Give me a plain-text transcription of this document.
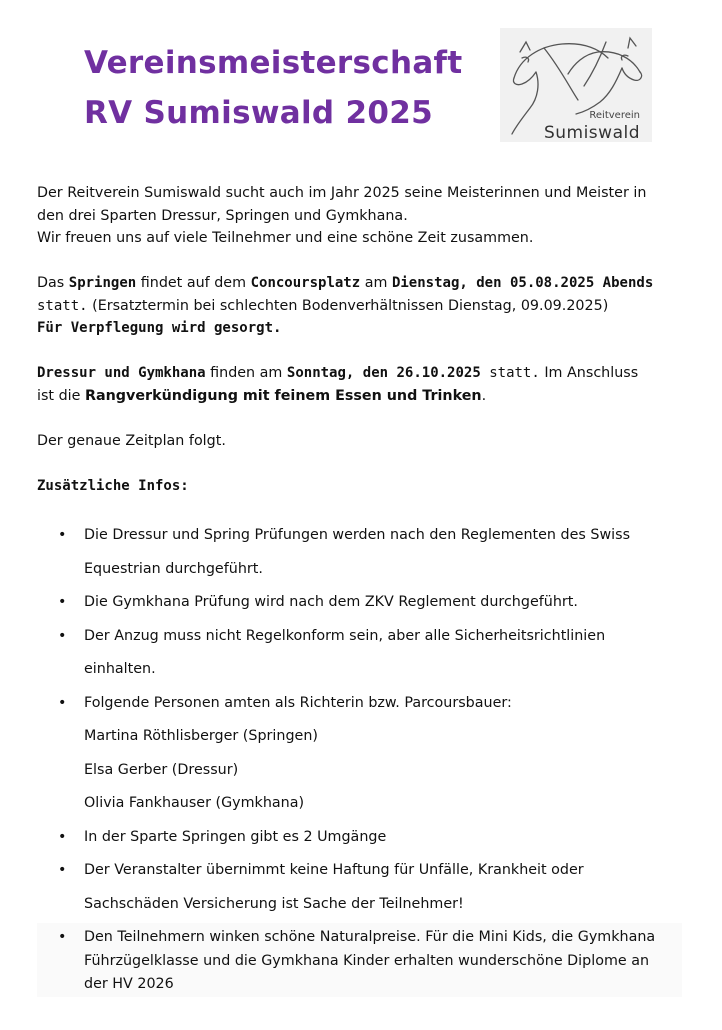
Vereinsmeisterschaft
RV Sumiswald 2025	Reitverein
Sumiswald

Der Reitverein Sumiswald sucht auch im Jahr 2025 seine Meisterinnen und Meister in
den drei Sparten Dressur, Springen und Gymkhana.
Wir freuen uns auf viele Teilnehmer und eine schöne Zeit zusammen.

Das Springen findet auf dem Concoursplatz am Dienstag, den 05.08.2025 Abends
statt. (Ersatztermin bei schlechten Bodenverhältnissen Dienstag, 09.09.2025)
Für Verpflegung wird gesorgt.

Dressur und Gymkhana finden am Sonntag, den 26.10.2025 statt. Im Anschluss
ist die Rangverkündigung mit feinem Essen und Trinken.

Der genaue Zeitplan folgt.

Zusätzliche Infos:

• Die Dressur und Spring Prüfungen werden nach den Reglementen des Swiss
Equestrian durchgeführt.
• Die Gymkhana Prüfung wird nach dem ZKV Reglement durchgeführt.
• Der Anzug muss nicht Regelkonform sein, aber alle Sicherheitsrichtlinien
einhalten.
• Folgende Personen amten als Richterin bzw. Parcoursbauer:
Martina Röthlisberger (Springen)
Elsa Gerber (Dressur)
Olivia Fankhauser (Gymkhana)
• In der Sparte Springen gibt es 2 Umgänge
• Der Veranstalter übernimmt keine Haftung für Unfälle, Krankheit oder
Sachschäden Versicherung ist Sache der Teilnehmer!
• Den Teilnehmern winken schöne Naturalpreise. Für die Mini Kids, die Gymkhana
Führzügelklasse und die Gymkhana Kinder erhalten wunderschöne Diplome an
der HV 2026
